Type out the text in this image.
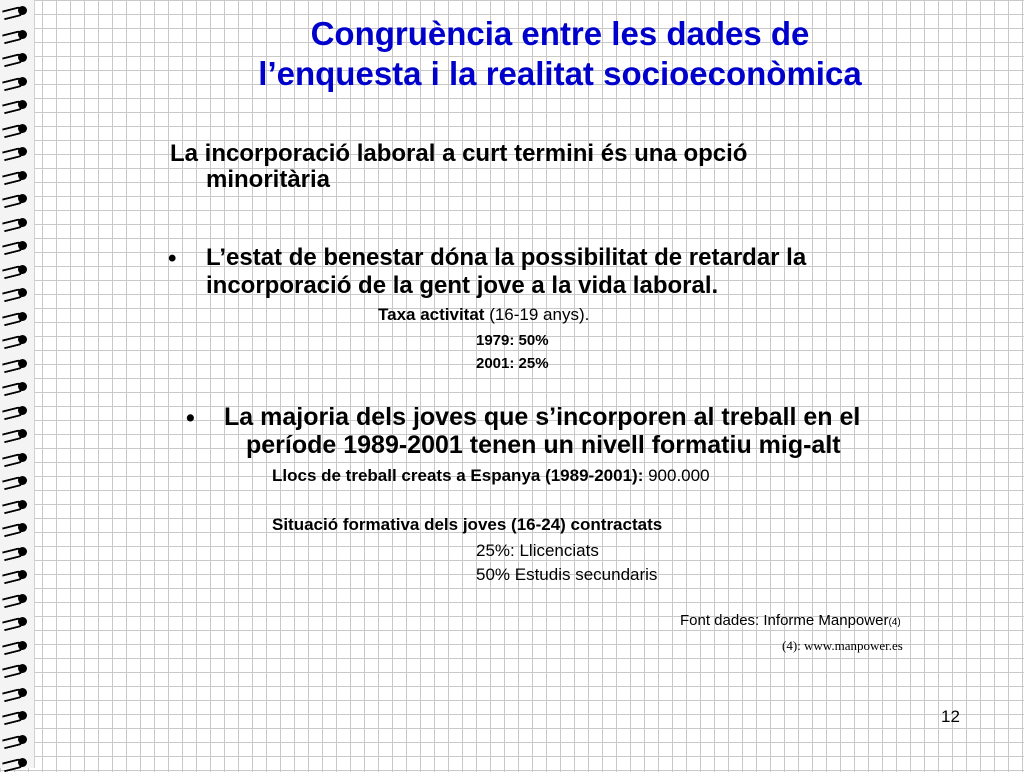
Congruència entre les dades de
l’enquesta i la realitat socioeconòmica
La incorporació laboral a curt termini és una opció
minoritària
• L’estat de benestar dóna la possibilitat de retardar la
incorporació de la gent jove a la vida laboral.
Taxa activitat (16-19 anys).
1979: 50%
2001: 25%
• La majoria dels joves que s’incorporen al treball en el
període 1989-2001 tenen un nivell formatiu mig-alt
Llocs de treball creats a Espanya (1989-2001): 900.000
Situació formativa dels joves (16-24) contractats
25%: Llicenciats
50% Estudis secundaris
Font dades: Informe Manpower(4)
(4): www.manpower.es
12
